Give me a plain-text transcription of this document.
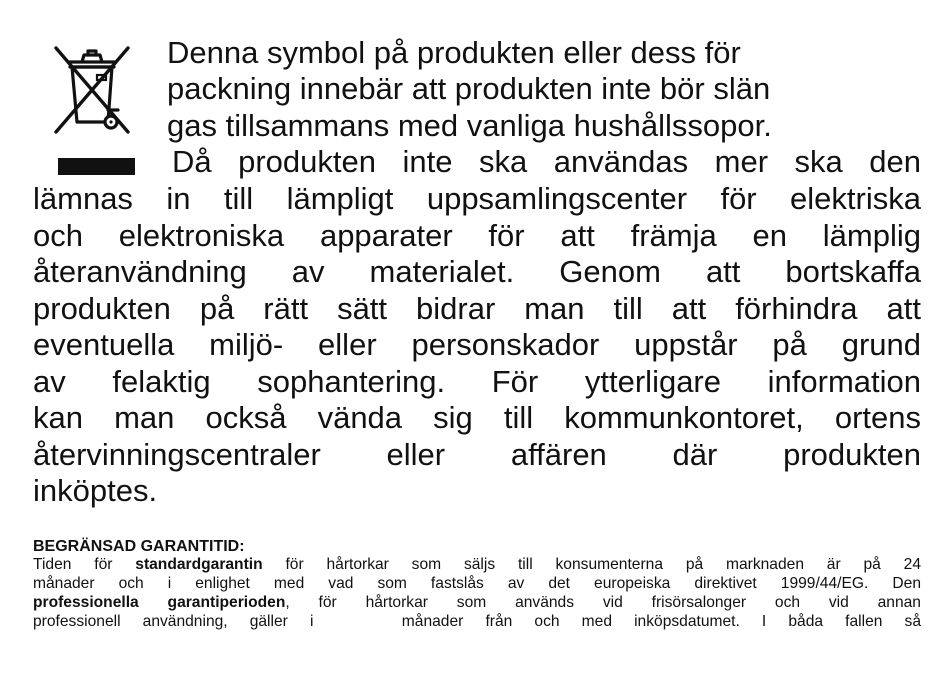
Denna symbol på produkten eller dess för
packning innebär att produkten inte bör slän
gas tillsammans med vanliga hushållssopor.
Då produkten inte ska användas mer ska den
lämnas in till lämpligt uppsamlingscenter för elektriska
och elektroniska apparater för att främja en lämplig
återanvändning av materialet. Genom att bortskaffa
produkten på rätt sätt bidrar man till att förhindra att
eventuella miljö- eller personskador uppstår på grund
av felaktig sophantering. För ytterligare information
kan man också vända sig till kommunkontoret, ortens
återvinningscentraler eller affären där produkten
inköptes.
BEGRÄNSAD GARANTITID:
Tiden för standardgarantin för hårtorkar som säljs till konsumenterna på marknaden är på 24
månader och i enlighet med vad som fastslås av det europeiska direktivet 1999/44/EG. Den
professionella garantiperioden, för hårtorkar som används vid frisörsalonger och vid annan
professionell användning, gäller i    månader från och med inköpsdatumet. I båda fallen så
